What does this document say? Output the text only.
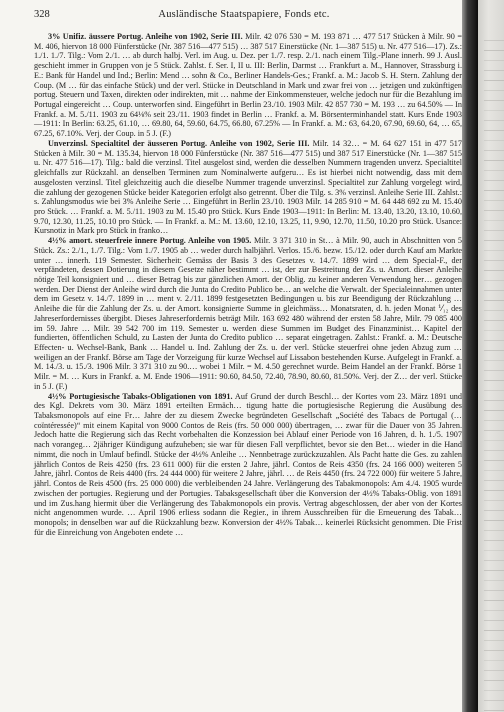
328	Ausländische Staatspapiere, Fonds etc.

3% Unifiz. äussere Portug. Anleihe von 1902, Serie III. Milr. 42 076 530 = M. 193 871 … 477 517 Stücken à Milr. 90 = M. 406, hiervon 18 000 Fünferstücke (Nr. 387 516—477 515) … 387 517 Einerstücke (Nr. 1—387 515) u. Nr. 477 516—17). Zs.: 1./1. 1./7. Tilg.: Vom 2./1. … ab durch halbj. Verl. im Aug. u. Dez. per 1./7. resp. 2./1. nach einem Tilg.-Plane innerh. 99 J. Ausl. geschieht immer in Gruppen von je 5 Stück. Zahlst. f. Ser. I, II u. III: Berlin, Darmst … Frankfurt a. M., Hannover, Strassburg i. E.: Bank für Handel und Ind.; Berlin: Mend … sohn & Co., Berliner Handels-Ges.; Frankf. a. M.: Jacob S. H. Stern. Zahlung der Coup. (M … für das einfache Stück) und der verl. Stücke in Deutschland in Mark und zwar frei von … jetzigen und zukünftigen portug. Steuern und Taxen, direkten oder indirekten, mit … nahme der Einkommensteuer, welche jedoch nur für die Bezahlung im Portugal eingereicht … Coup. unterworfen sind. Eingeführt in Berlin 23./10. 1903 Milr. 42 857 730 = M. 193 … zu 64.50% — In Frankf. a. M. 5./11. 1903 zu 64⅛% seit 23./11. 1903 findet in Berlin … Frankf. a. M. Börsenterminhandel statt. Kurs Ende 1903—1911: In Berlin: 63.25, 61.10, … 69.80, 64, 59.60, 64.75, 66.80, 67.25% — In Frankf. a. M.: 63, 64.20, 67.90, 69.60, 64, … 65, 67.25, 67.10%. Verj. der Coup. in 5 J. (F.)

Unverzinsl. Specialtitel der äusseren Portug. Anleihe von 1902, Serie III. Milr. 14 32… = M. 64 627 151 in 477 517 Stücken à Milr. 30 = M. 135.34, hiervon 18 000 Fünferstücke (Nr. 387 516—477 515) und 387 517 Einerstücke (Nr. 1—387 515 u. Nr. 477 516—17). Tilg.: bald die verzinsl. Titel ausgelost sind, werden die desselben Nummern tragenden unverz. Specialtitel gleichfalls zur Rückzahl. an denselben Terminen zum Nominalwerte aufgeru… Es ist hierbei nicht notwendig, dass mit dem ausgelosten verzinsl. Titel gleichzeitig auch die dieselbe Nummer tragende unverzinsl. Specialtitel zur Zahlung vorgelegt wird, die zahlung der gezogenen Stücke beider Kategorien erfolgt also getrennt. Über die Tilg. s. 3% verzinsl. Anleihe Serie III. Zahlst.: s. Zahlungsmodus wie bei 3% Anleihe Serie … Eingeführt in Berlin 23./10. 1903 Milr. 14 285 910 = M. 64 448 692 zu M. 15.40 pro Stück. … Frankf. a. M. 5./11. 1903 zu M. 15.40 pro Stück. Kurs Ende 1903—1911: In Berlin: M. 13.40, 13.20, 13.10, 10.60, 9.70, 12.30, 11.25, 10.10 pro Stück. — In Frankf. a. M.: M. 13.60, 12.10, 13.25, 11, 9.90, 12.70, 11.50, 10.20 pro Stück. Usance: Kursnotiz in Mark pro Stück in franko…

4½% amort. steuerfreie innere Portug. Anleihe von 1905. Milr. 3 371 310 in St… à Milr. 90, auch in Abschnitten von 5 Stück. Zs.: 2./1., 1./7. Tilg.: Vom 1./7. 1905 ab … weder durch halbjährl. Verlos. 15./6. bezw. 15./12. oder durch Kauf am Markte unter … innerh. 119 Semester. Sicherheit: Gemäss der Basis 3 des Gesetzes v. 14./7. 1899 wird … dem Special-F., der verpfändeten, dessen Dotierung in diesem Gesetze näher bestimmt … ist, der zur Bestreitung der Zs. u. Amort. dieser Anleihe nötige Teil konsigniert und … dieser Betrag bis zur gänzlichen Amort. der Oblig. zu keiner anderen Verwendung her… gezogen werden. Der Dienst der Anleihe wird durch die Junta do Credito Publico be… an welche die Verwalt. der Specialeinnahmen unter dem im Gesetz v. 14./7. 1899 in … ment v. 2./11. 1899 festgesetzten Bedingungen u. bis zur Beendigung der Rückzahlung … Anleihe die für die Zahlung der Zs. u. der Amort. konsignierte Summe in gleichmäss… Monatsraten, d. h. jeden Monat ⅟₁₂ des Jahreserfordernisses übergibt. Dieses Jahreserfordernis beträgt Milr. 163 692 480 während der ersten 58 Jahre, Milr. 79 085 400 im 59. Jahre … Milr. 39 542 700 im 119. Semester u. werden diese Summen im Budget des Finanzminist… Kapitel der fundierten, öffentlichen Schuld, zu Lasten der Junta do Credito publico … separat eingetragen. Zahlst.: Frankf. a. M.: Deutsche Effecten- u. Wechsel-Bank, Bank … Handel u. Ind. Zahlung der Zs. u. der verl. Stücke steuerfrei ohne jeden Abzug zum … weiligen an der Frankf. Börse am Tage der Vorzeigung für kurze Wechsel auf Lissabon bestehenden Kurse. Aufgelegt in Frankf. a. M. 14./3. u. 15./3. 1906 Milr. 3 371 310 zu 90.… wobei 1 Milr. = M. 4.50 gerechnet wurde. Beim Handel an der Frankf. Börse 1 Milr. = M. … Kurs in Frankf. a. M. Ende 1906—1911: 90.60, 84.50, 72.40, 78.90, 80.60, 81.50%. Verj. der Z… der verl. Stücke in 5 J. (F.)

4½% Portugiesische Tabaks-Obligationen von 1891. Auf Grund der durch Beschl… der Kortes vom 23. März 1891 und des Kgl. Dekrets vom 30. März 1891 erteilten Ermäch… tigung hatte die portugiesische Regierung die Ausübung des Tabaksmonopols auf eine Fr… Jahre der zu diesem Zwecke begründeten Gesellschaft „Société des Tabacs de Portugal (… coïntéressée)“ mit einem Kapital von 9000 Contos de Reis (frs. 50 000 000) übertragen, … zwar für die Dauer von 35 Jahren. Jedoch hatte die Regierung sich das Recht vorbehalten die Konzession bei Ablauf einer Periode von 16 Jahren, d. h. 1./5. 1907 nach vorangeg… 2jähriger Kündigung aufzuheben; sie war für diesen Fall verpflichtet, bevor sie den Bet… wieder in die Hand nimmt, die noch in Umlauf befindl. Stücke der 4½% Anleihe … Nennbetrage zurückzuzahlen. Als Pacht hatte die Ges. zu zahlen jährlich Contos de Reis 4250 (frs. 23 611 000) für die ersten 2 Jahre, jährl. Contos de Reis 4350 (frs. 24 166 000) weiteren 5 Jahre, jährl. Contos de Reis 4400 (frs. 24 444 000) für weitere 2 Jahre, jährl. … de Reis 4450 (frs. 24 722 000) für weitere 5 Jahre, jährl. Contos de Reis 4500 (frs. 25 000 000) die verbleibenden 24 Jahre. Verlängerung des Tabakmonopols: Am 4./4. 1905 wurde zwischen der portugies. Regierung und der Portugies. Tabaksgesellschaft über die Konversion der 4½% Tabaks-Oblig. von 1891 und im Zus.hang hiermit über die Verlängerung des Tabakmonopols ein provis. Vertrag abgeschlossen, der aber von der Kortes nicht angenommen wurde. … April 1906 erliess sodann die Regier., in ihrem Ausschreiben für die Erneuerung des Tabak… monopols; in denselben war auf die Rückzahlung bezw. Konversion der 4½% Tabak… keinerlei Rücksicht genommen. Die Frist für die Einreichung von Angeboten endete …
